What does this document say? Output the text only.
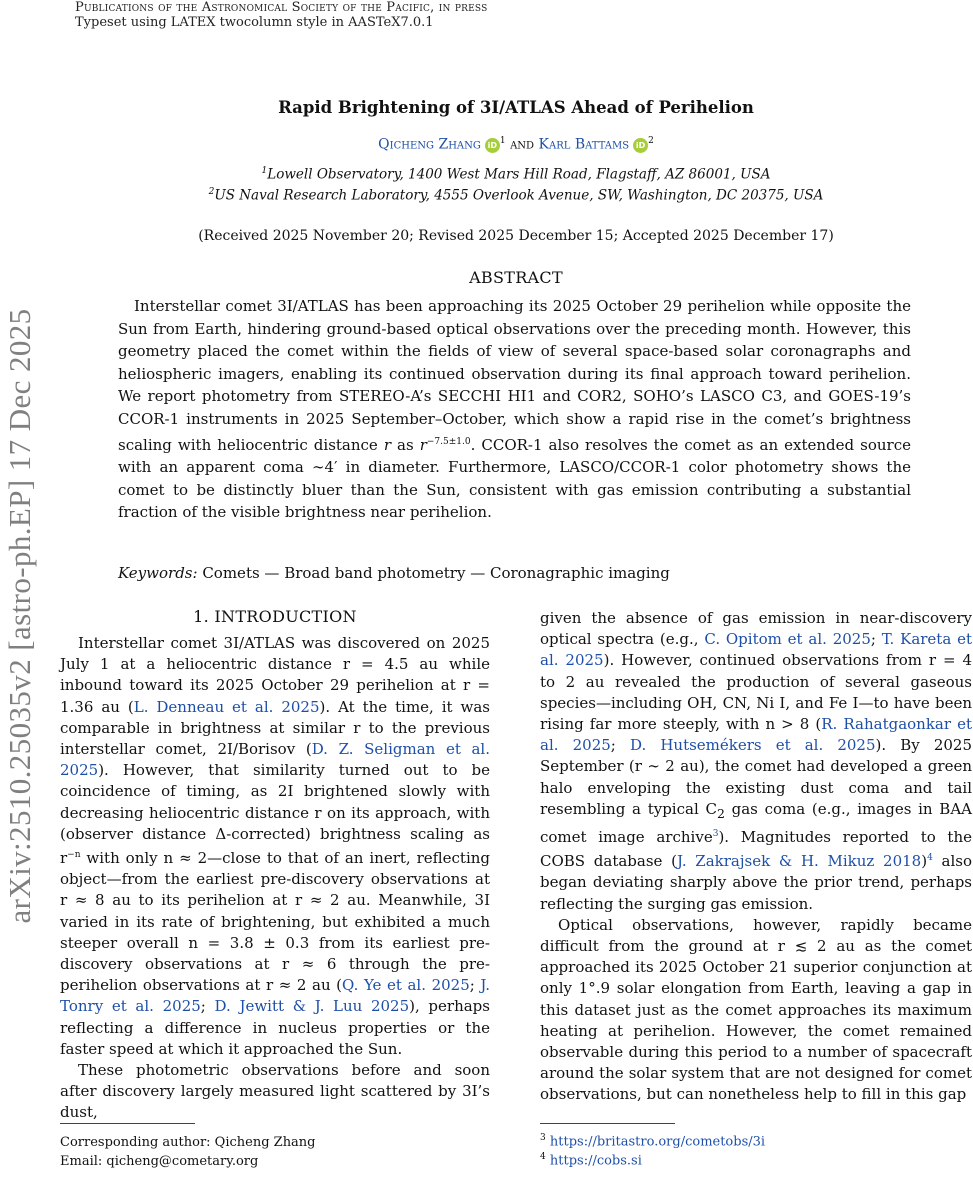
Publications of the Astronomical Society of the Pacific, in press
Typeset using LATEX twocolumn style in AASTeX7.0.1
arXiv:2510.25035v2 [astro-ph.EP] 17 Dec 2025
Rapid Brightening of 3I/ATLAS Ahead of Perihelion
Qicheng Zhang iD $^1$ and Karl Battams iD $^2$
$^1$Lowell Observatory, 1400 West Mars Hill Road, Flagstaff, AZ 86001, USA
$^2$US Naval Research Laboratory, 4555 Overlook Avenue, SW, Washington, DC 20375, USA
(Received 2025 November 20; Revised 2025 December 15; Accepted 2025 December 17)
ABSTRACT
Interstellar comet 3I/ATLAS has been approaching its 2025 October 29 perihelion while opposite the Sun from Earth, hindering ground-based optical observations over the preceding month. However, this geometry placed the comet within the fields of view of several space-based solar coronagraphs and heliospheric imagers, enabling its continued observation during its final approach toward perihelion. We report photometry from STEREO-A’s SECCHI HI1 and COR2, SOHO’s LASCO C3, and GOES-19’s CCOR-1 instruments in 2025 September–October, which show a rapid rise in the comet’s brightness scaling with heliocentric distance r as $r^{-7.5\pm 1.0}$. CCOR-1 also resolves the comet as an extended source with an apparent coma ∼4′ in diameter. Furthermore, LASCO/CCOR-1 color photometry shows the comet to be distinctly bluer than the Sun, consistent with gas emission contributing a substantial fraction of the visible brightness near perihelion.
Keywords: Comets — Broad band photometry — Coronagraphic imaging
1. INTRODUCTION

Interstellar comet 3I/ATLAS was discovered on 2025 July 1 at a heliocentric distance r = 4.5 au while inbound toward its 2025 October 29 perihelion at r = 1.36 au (L. Denneau et al. 2025). At the time, it was comparable in brightness at similar r to the previous interstellar comet, 2I/Borisov (D. Z. Seligman et al. 2025). However, that similarity turned out to be coincidence of timing, as 2I brightened slowly with decreasing heliocentric distance r on its approach, with (observer distance Δ-corrected) brightness scaling as $r^{-n}$ with only n ≈ 2—close to that of an inert, reflecting object—from the earliest pre-discovery observations at r ≈ 8 au to its perihelion at r ≈ 2 au. Meanwhile, 3I varied in its rate of brightening, but exhibited a much steeper overall n = 3.8 ± 0.3 from its earliest pre-discovery observations at r ≈ 6 through the pre-perihelion observations at r ≈ 2 au (Q. Ye et al. 2025; J. Tonry et al. 2025; D. Jewitt & J. Luu 2025), perhaps reflecting a difference in nucleus properties or the faster speed at which it approached the Sun.

These photometric observations before and soon after discovery largely measured light scattered by 3I’s dust,

given the absence of gas emission in near-discovery optical spectra (e.g., C. Opitom et al. 2025; T. Kareta et al. 2025). However, continued observations from r = 4 to 2 au revealed the production of several gaseous species—including OH, CN, Ni I, and Fe I—to have been rising far more steeply, with n > 8 (R. Rahatgaonkar et al. 2025; D. Hutsemékers et al. 2025). By 2025 September (r ∼ 2 au), the comet had developed a green halo enveloping the existing dust coma and tail resembling a typical $C_2$ gas coma (e.g., images in BAA comet image archive$^3$). Magnitudes reported to the COBS database (J. Zakrajsek & H. Mikuz 2018)$^4$ also began deviating sharply above the prior trend, perhaps reflecting the surging gas emission.

Optical observations, however, rapidly became difficult from the ground at r ≲ 2 au as the comet approached its 2025 October 21 superior conjunction at only 1°.9 solar elongation from Earth, leaving a gap in this dataset just as the comet approaches its maximum heating at perihelion. However, the comet remained observable during this period to a number of spacecraft around the solar system that are not designed for comet observations, but can nonetheless help to fill in this gap

Corresponding author: Qicheng Zhang
Email: qicheng@cometary.org
$^3$ https://britastro.org/cometobs/3i
$^4$ https://cobs.si
